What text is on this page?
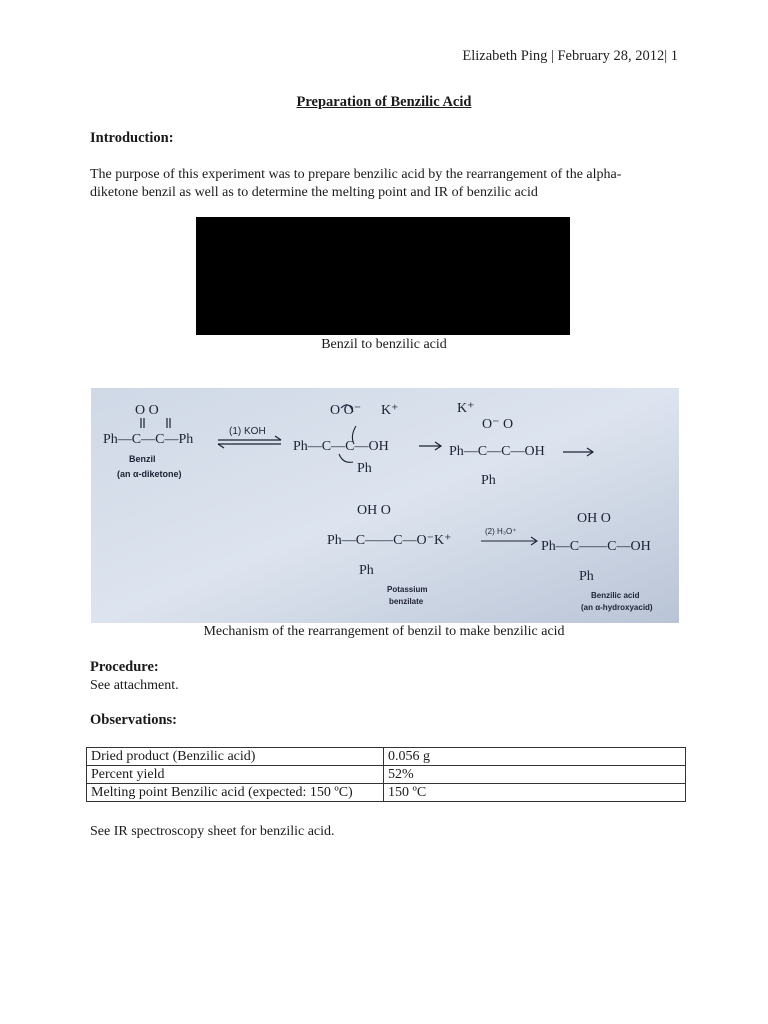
Elizabeth Ping | February 28, 2012| 1
Preparation of Benzilic Acid
Introduction:
The purpose of this experiment was to prepare benzilic acid by the rearrangement of the alpha-
diketone benzil as well as to determine the melting point and IR of benzilic acid
Benzil to benzilic acid
O O
Ph—C—C—Ph
Benzil
(an α-diketone)
(1) KOH
O O⁻ K⁺
Ph—C—C—OH
Ph
K⁺
O⁻ O
Ph—C—C—OH
Ph
OH O
Ph—C——C—O⁻K⁺
Ph
Potassium
benzilate
(2) H₃O⁺
OH O
Ph—C——C—OH
Ph
Benzilic acid
(an α-hydroxyacid)
Mechanism of the rearrangement of benzil to make benzilic acid
Procedure:
See attachment.
Observations:
Dried product (Benzilic acid)	0.056 g
Percent yield	52%
Melting point Benzilic acid (expected: 150 ºC)	150 ºC
See IR spectroscopy sheet for benzilic acid.
